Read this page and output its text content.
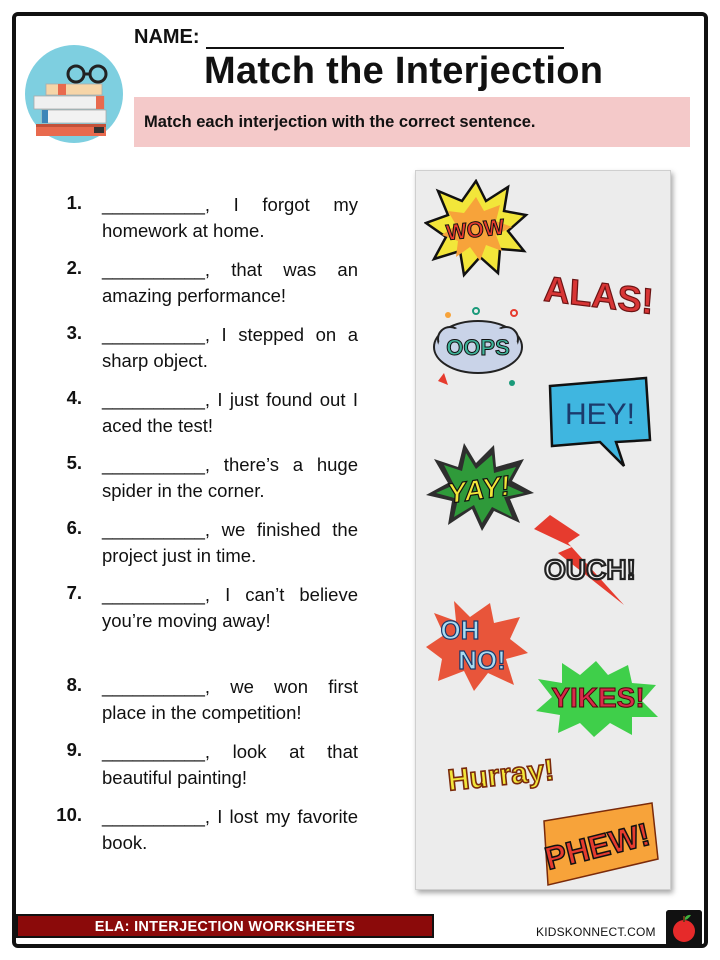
NAME:
Match the Interjection
Match each interjection with the correct sentence.
1. __________, I forgot my homework at home.
2. __________, that was an amazing performance!
3. __________, I stepped on a sharp object.
4. __________, I just found out I aced the test!
5. __________, there’s a huge spider in the corner.
6. __________, we finished the project just in time.
7. __________, I can’t believe you’re moving away!
8. __________, we won first place in the competition!
9. __________, look at that beautiful painting!
10. __________, I lost my favorite book.
WOW
ALAS!
OOPS
HEY!
YAY!
OUCH!
OH
NO!
YIKES!
Hurray!
PHEW!
ELA: INTERJECTION WORKSHEETS	KIDSKONNECT.COM
